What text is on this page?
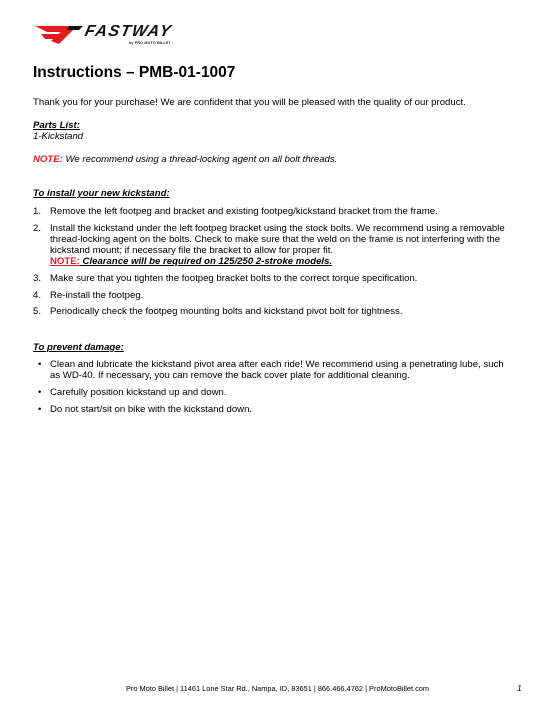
FASTWAY
by PRO MOTO BILLET
Instructions – PMB-01-1007
Thank you for your purchase! We are confident that you will be pleased with the quality of our product.
Parts List:
1-Kickstand
NOTE: We recommend using a thread-locking agent on all bolt threads.
To install your new kickstand:
1. Remove the left footpeg and bracket and existing footpeg/kickstand bracket from the frame.
2. Install the kickstand under the left footpeg bracket using the stock bolts. We recommend using a removable
thread-locking agent on the bolts. Check to make sure that the weld on the frame is not interfering with the
kickstand mount; if necessary file the bracket to allow for proper fit.
NOTE: Clearance will be required on 125/250 2-stroke models.
3. Make sure that you tighten the footpeg bracket bolts to the correct torque specification.
4. Re-install the footpeg.
5. Periodically check the footpeg mounting bolts and kickstand pivot bolt for tightness.
To prevent damage:
• Clean and lubricate the kickstand pivot area after each ride! We recommend using a penetrating lube, such
as WD-40. If necessary, you can remove the back cover plate for additional cleaning.
• Carefully position kickstand up and down.
• Do not start/sit on bike with the kickstand down.
Pro Moto Billet | 11461 Lone Star Rd., Nampa, ID, 83651 | 866.466.4762 | ProMotoBillet.com	1
